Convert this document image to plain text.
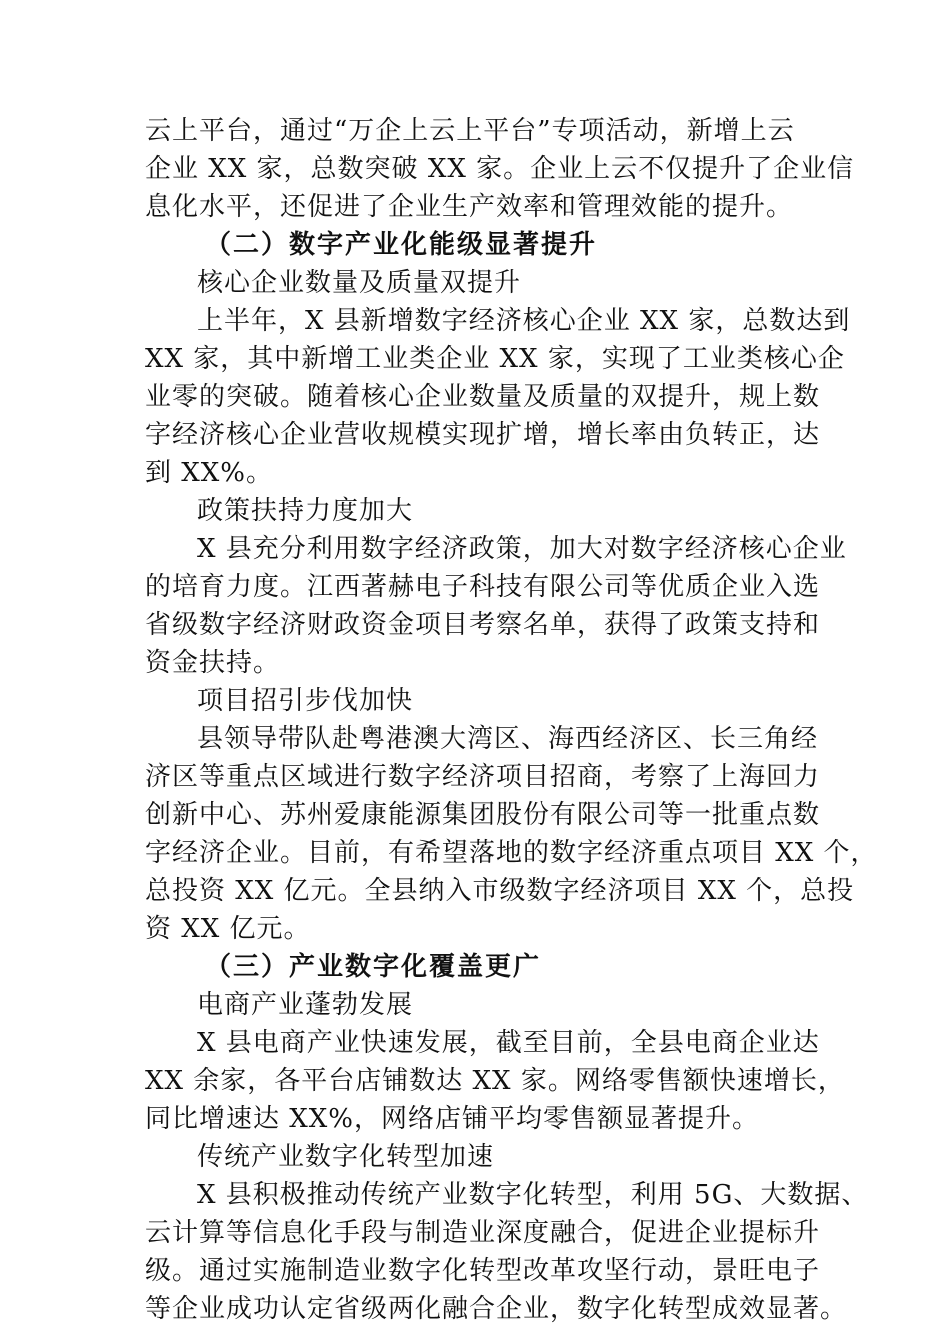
云上平台，通过“万企上云上平台”专项活动，新增上云
企业 XX 家，总数突破 XX 家。企业上云不仅提升了企业信
息化水平，还促进了企业生产效率和管理效能的提升。
（二）数字产业化能级显著提升
核心企业数量及质量双提升
上半年，X 县新增数字经济核心企业 XX 家，总数达到
XX 家，其中新增工业类企业 XX 家，实现了工业类核心企
业零的突破。随着核心企业数量及质量的双提升，规上数
字经济核心企业营收规模实现扩增，增长率由负转正，达
到 XX%。
政策扶持力度加大
X 县充分利用数字经济政策，加大对数字经济核心企业
的培育力度。江西著赫电子科技有限公司等优质企业入选
省级数字经济财政资金项目考察名单，获得了政策支持和
资金扶持。
项目招引步伐加快
县领导带队赴粤港澳大湾区、海西经济区、长三角经
济区等重点区域进行数字经济项目招商，考察了上海回力
创新中心、苏州爱康能源集团股份有限公司等一批重点数
字经济企业。目前，有希望落地的数字经济重点项目 XX 个，
总投资 XX 亿元。全县纳入市级数字经济项目 XX 个，总投
资 XX 亿元。
（三）产业数字化覆盖更广
电商产业蓬勃发展
X 县电商产业快速发展，截至目前，全县电商企业达
XX 余家，各平台店铺数达 XX 家。网络零售额快速增长，
同比增速达 XX%，网络店铺平均零售额显著提升。
传统产业数字化转型加速
X 县积极推动传统产业数字化转型，利用 5G、大数据、
云计算等信息化手段与制造业深度融合，促进企业提标升
级。通过实施制造业数字化转型改革攻坚行动，景旺电子
等企业成功认定省级两化融合企业，数字化转型成效显著。
